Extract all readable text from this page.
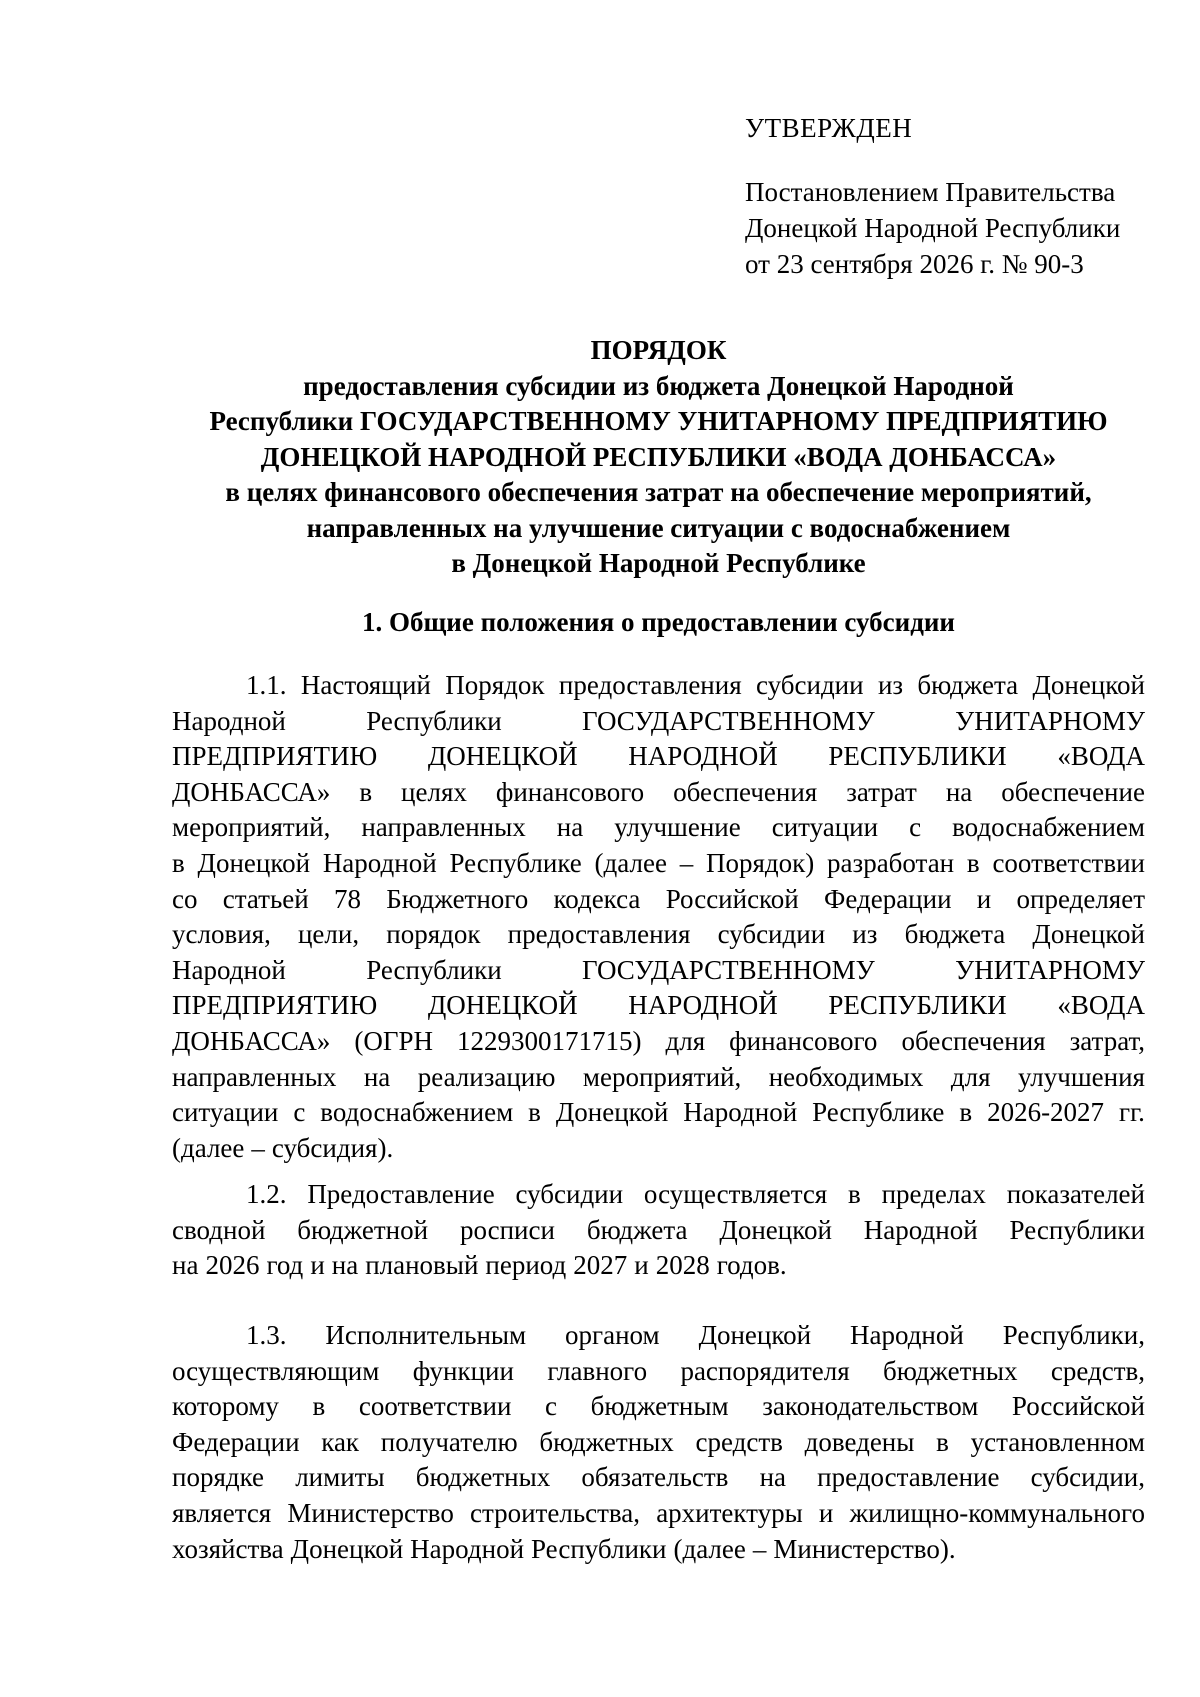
УТВЕРЖДЕН

Постановлением Правительства

Донецкой Народной Республики

от 23 сентября 2026 г. № 90-3

ПОРЯДОК

предоставления субсидии из бюджета Донецкой Народной

Республики ГОСУДАРСТВЕННОМУ УНИТАРНОМУ ПРЕДПРИЯТИЮ

ДОНЕЦКОЙ НАРОДНОЙ РЕСПУБЛИКИ «ВОДА ДОНБАССА»

в целях финансового обеспечения затрат на обеспечение мероприятий,

направленных на улучшение ситуации с водоснабжением

в Донецкой Народной Республике

1. Общие положения о предоставлении субсидии
1.1. Настоящий Порядок предоставления субсидии из бюджета Донецкой
Народной	Республики	ГОСУДАРСТВЕННОМУ	УНИТАРНОМУ
ПРЕДПРИЯТИЮ ДОНЕЦКОЙ НАРОДНОЙ РЕСПУБЛИКИ «ВОДА
ДОНБАССА» в целях финансового обеспечения затрат на обеспечение
мероприятий, направленных на улучшение ситуации с водоснабжением
в Донецкой Народной Республике (далее – Порядок) разработан в соответствии
со статьей 78 Бюджетного кодекса Российской Федерации и определяет
условия, цели, порядок предоставления субсидии из бюджета Донецкой
Народной	Республики	ГОСУДАРСТВЕННОМУ	УНИТАРНОМУ
ПРЕДПРИЯТИЮ ДОНЕЦКОЙ НАРОДНОЙ РЕСПУБЛИКИ «ВОДА
ДОНБАССА» (ОГРН 1229300171715) для финансового обеспечения затрат,
направленных на реализацию мероприятий, необходимых для улучшения
ситуации с водоснабжением в Донецкой Народной Республике в 2026-2027 гг.
(далее – субсидия).
1.2. Предоставление субсидии осуществляется в пределах показателей
сводной бюджетной росписи бюджета Донецкой Народной Республики
на 2026 год и на плановый период 2027 и 2028 годов.
1.3. Исполнительным органом Донецкой Народной Республики,
осуществляющим функции главного распорядителя бюджетных средств,
которому в соответствии с бюджетным законодательством Российской
Федерации как получателю бюджетных средств доведены в установленном
порядке лимиты бюджетных обязательств на предоставление субсидии,
является Министерство строительства, архитектуры и жилищно-коммунального
хозяйства Донецкой Народной Республики (далее – Министерство).
